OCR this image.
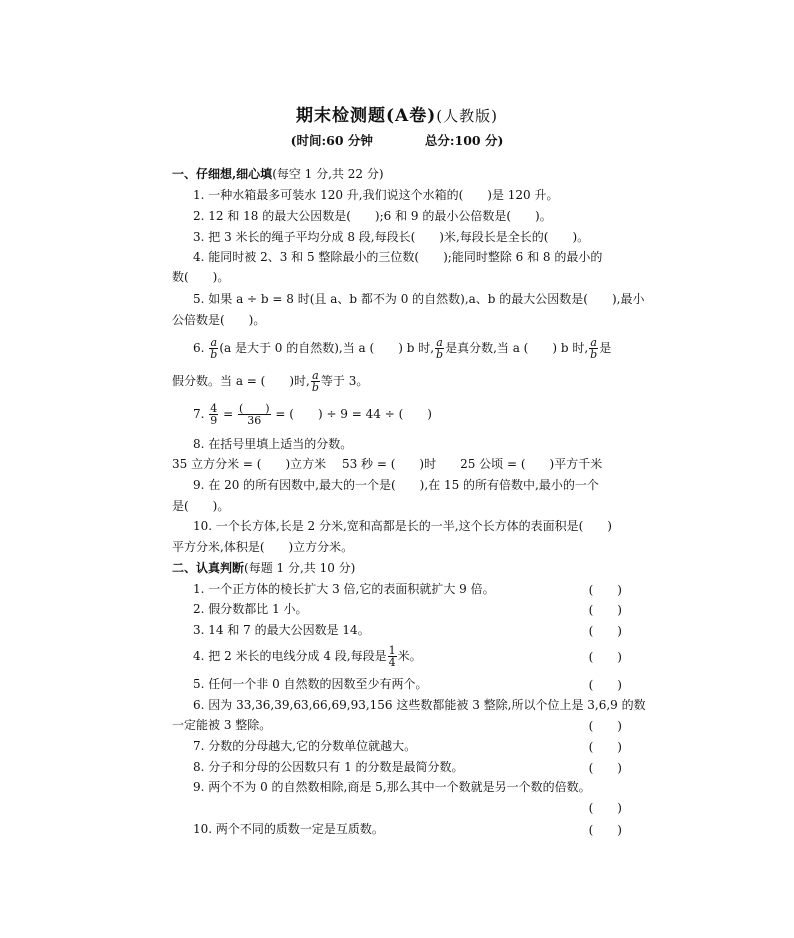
期末检测题(A卷)(人教版)
(时间:60 分钟	总分:100 分)
一、仔细想,细心填(每空 1 分,共 22 分)
1. 一种水箱最多可装水 120 升,我们说这个水箱的(　　)是 120 升。
2. 12 和 18 的最大公因数是(　　);6 和 9 的最小公倍数是(　　)。
3. 把 3 米长的绳子平均分成 8 段,每段长(　　)米,每段长是全长的(　　)。
4. 能同时被 2、3 和 5 整除最小的三位数(　　);能同时整除 6 和 8 的最小的
数(　　)。
5. 如果 a ÷ b = 8 时(且 a、b 都不为 0 的自然数),a、b 的最大公因数是(　　),最小
公倍数是(　　)。
6. $\frac{a}{b} (a$ 是大于 0 的自然数),当 a (　　) b 时, $\frac{a}{b}$ 是真分数,当 a (　　) b 时, $\frac{a}{b}$ 是
假分数。当 a = (　　)时, $\frac{a}{b}$ 等于 3。
7. $\frac{4}{9} = \frac{( )}{36}$ = (　　) ÷ 9 = 44 ÷ (　　)
8. 在括号里填上适当的分数。
35 立方分米 = (　　)立方米　 53 秒 = (　　)时　　25 公顷 = (　　)平方千米
9. 在 20 的所有因数中,最大的一个是(　　),在 15 的所有倍数中,最小的一个
是(　　)。
10. 一个长方体,长是 2 分米,宽和高都是长的一半,这个长方体的表面积是(　　)
平方分米,体积是(　　)立方分米。
二、认真判断(每题 1 分,共 10 分)
1. 一个正方体的棱长扩大 3 倍,它的表面积就扩大 9 倍。	(　　)
2. 假分数都比 1 小。	(　　)
3. 14 和 7 的最大公因数是 14。	(　　)
4. 把 2 米长的电线分成 4 段,每段是 $\frac{1}{4}$ 米。	(　　)
5. 任何一个非 0 自然数的因数至少有两个。	(　　)
6. 因为 33,36,39,63,66,69,93,156 这些数都能被 3 整除,所以个位上是 3,6,9 的数
一定能被 3 整除。	(　　)
7. 分数的分母越大,它的分数单位就越大。	(　　)
8. 分子和分母的公因数只有 1 的分数是最简分数。	(　　)
9. 两个不为 0 的自然数相除,商是 5,那么其中一个数就是另一个数的倍数。
(　　)
10. 两个不同的质数一定是互质数。	(　　)
